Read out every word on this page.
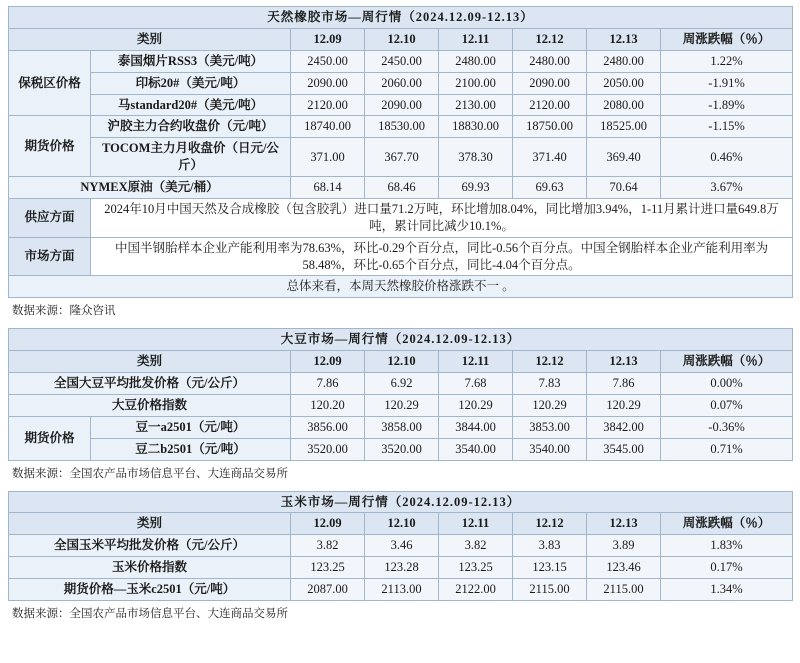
天然橡胶市场—周行情（2024.12.09-12.13）							
类别		12.09	12.10	12.11	12.12	12.13	周涨跌幅（％）
保税区价格	泰国烟片RSS3（美元/吨）	2450.00	2450.00	2480.00	2480.00	2480.00	1.22%
	印标20#（美元/吨）	2090.00	2060.00	2100.00	2090.00	2050.00	-1.91%
	马standard20#（美元/吨）	2120.00	2090.00	2130.00	2120.00	2080.00	-1.89%
期货价格	沪胶主力合约收盘价（元/吨）	18740.00	18530.00	18830.00	18750.00	18525.00	-1.15%
	TOCOM主力月收盘价（日元/公斤）	371.00	367.70	378.30	371.40	369.40	0.46%
NYMEX原油（美元/桶）		68.14	68.46	69.93	69.63	70.64	3.67%
供应方面	2024年10月中国天然及合成橡胶（包含胶乳）进口量71.2万吨，环比增加8.04%，同比增加3.94%，1-11月累计进口量649.8万吨，累计同比减少10.1%。						
市场方面	中国半钢胎样本企业产能利用率为78.63%，环比-0.29个百分点，同比-0.56个百分点。中国全钢胎样本企业产能利用率为58.48%，环比-0.65个百分点，同比-4.04个百分点。						
总体来看，本周天然橡胶价格涨跌不一 。							
数据来源：隆众咨讯
大豆市场—周行情（2024.12.09-12.13）							
类别		12.09	12.10	12.11	12.12	12.13	周涨跌幅（％）
全国大豆平均批发价格（元/公斤）		7.86	6.92	7.68	7.83	7.86	0.00%
大豆价格指数		120.20	120.29	120.29	120.29	120.29	0.07%
期货价格	豆一a2501（元/吨）	3856.00	3858.00	3844.00	3853.00	3842.00	-0.36%
	豆二b2501（元/吨）	3520.00	3520.00	3540.00	3540.00	3545.00	0.71%
数据来源：全国农产品市场信息平台、大连商品交易所
玉米市场—周行情（2024.12.09-12.13）						
类别	12.09	12.10	12.11	12.12	12.13	周涨跌幅（％）
全国玉米平均批发价格（元/公斤）	3.82	3.46	3.82	3.83	3.89	1.83%
玉米价格指数	123.25	123.28	123.25	123.15	123.46	0.17%
期货价格—玉米c2501（元/吨）	2087.00	2113.00	2122.00	2115.00	2115.00	1.34%
数据来源：全国农产品市场信息平台、大连商品交易所
